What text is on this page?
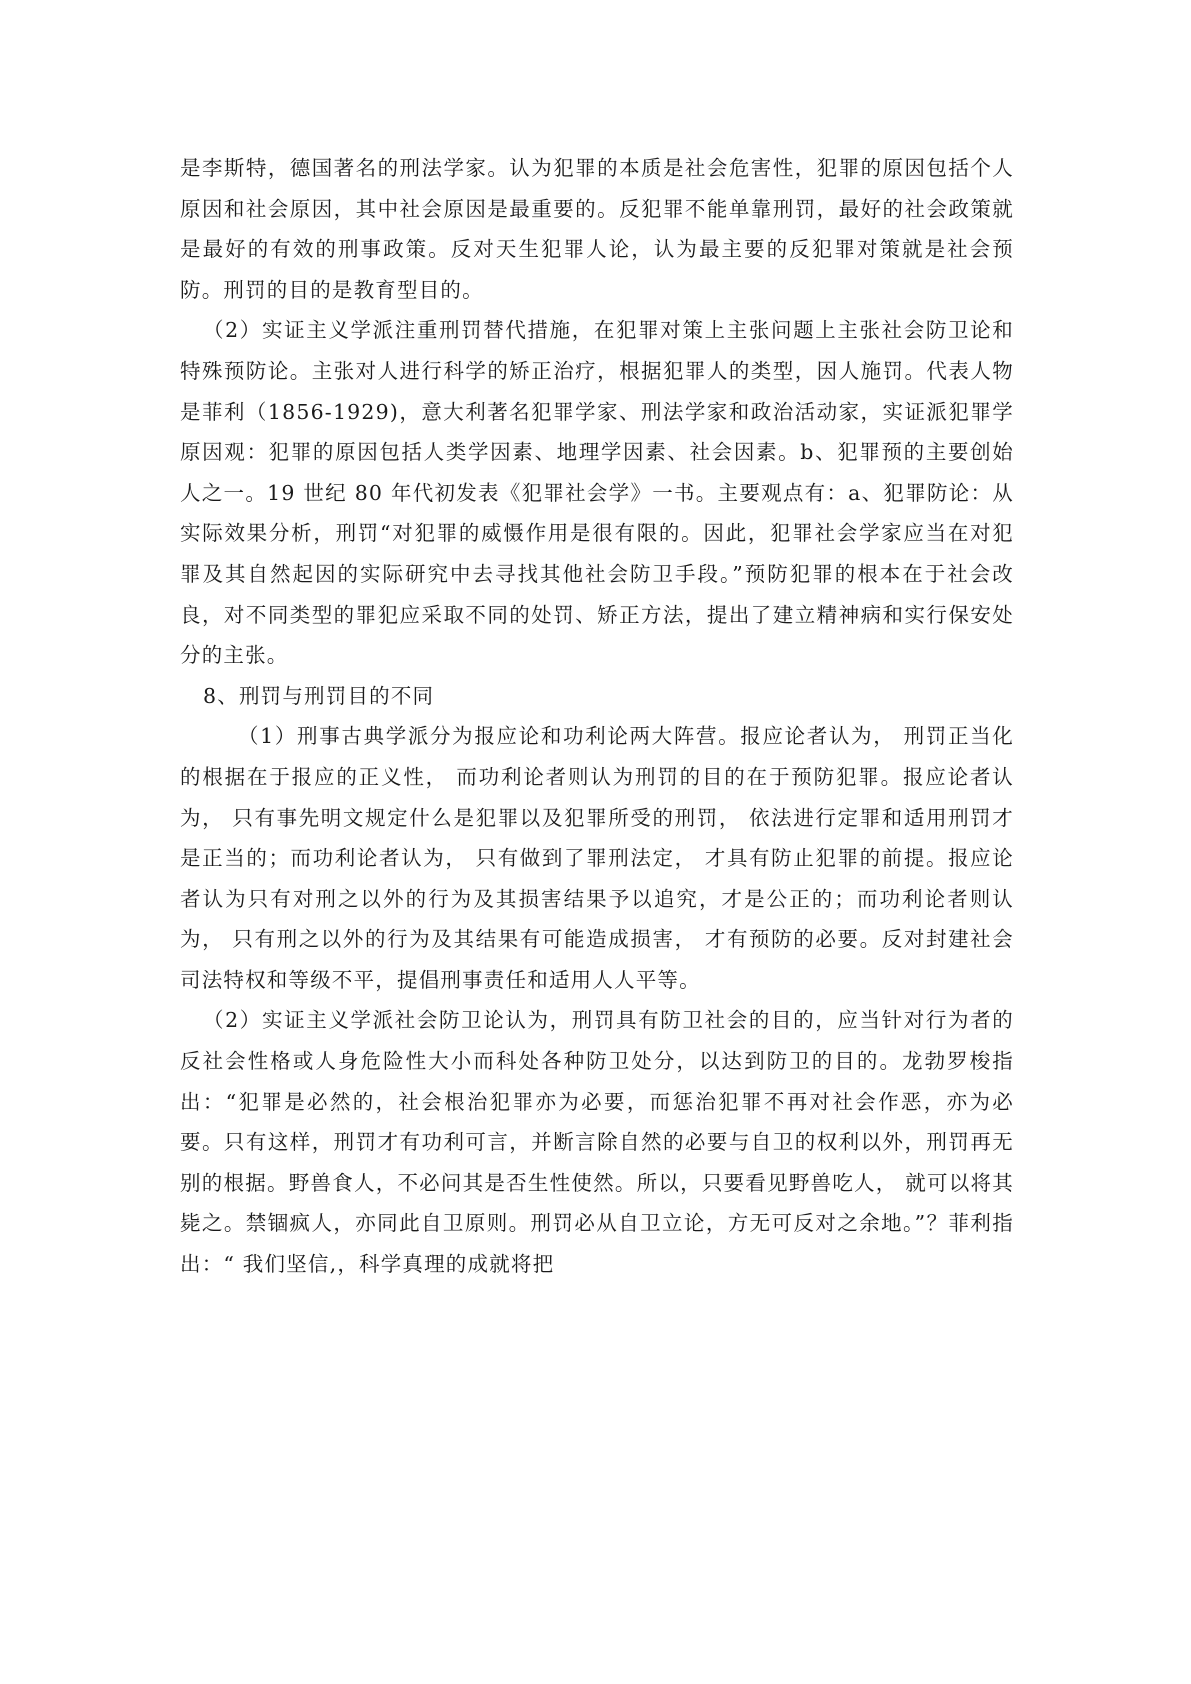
是李斯特，德国著名的刑法学家。认为犯罪的本质是社会危害性，犯罪的原因包括个人原因和社会原因，其中社会原因是最重要的。反犯罪不能单靠刑罚，最好的社会政策就是最好的有效的刑事政策。反对天生犯罪人论，认为最主要的反犯罪对策就是社会预防。刑罚的目的是教育型目的。

（2）实证主义学派注重刑罚替代措施，在犯罪对策上主张问题上主张社会防卫论和特殊预防论。主张对人进行科学的矫正治疗，根据犯罪人的类型，因人施罚。代表人物是菲利（1856-1929)，意大利著名犯罪学家、刑法学家和政治活动家，实证派犯罪学原因观：犯罪的原因包括人类学因素、地理学因素、社会因素。b、犯罪预的主要创始人之一。19 世纪 80 年代初发表《犯罪社会学》一书。主要观点有：a、犯罪防论：从实际效果分析，刑罚“对犯罪的威慑作用是很有限的。因此，犯罪社会学家应当在对犯罪及其自然起因的实际研究中去寻找其他社会防卫手段。”预防犯罪的根本在于社会改良，对不同类型的罪犯应采取不同的处罚、矫正方法，提出了建立精神病和实行保安处分的主张。

8、刑罚与刑罚目的不同

（1）刑事古典学派分为报应论和功利论两大阵营。报应论者认为， 刑罚正当化的根据在于报应的正义性， 而功利论者则认为刑罚的目的在于预防犯罪。报应论者认为， 只有事先明文规定什么是犯罪以及犯罪所受的刑罚， 依法进行定罪和适用刑罚才是正当的；而功利论者认为， 只有做到了罪刑法定， 才具有防止犯罪的前提。报应论者认为只有对刑之以外的行为及其损害结果予以追究，才是公正的；而功利论者则认为， 只有刑之以外的行为及其结果有可能造成损害， 才有预防的必要。反对封建社会司法特权和等级不平，提倡刑事责任和适用人人平等。

（2）实证主义学派社会防卫论认为，刑罚具有防卫社会的目的，应当针对行为者的反社会性格或人身危险性大小而科处各种防卫处分，以达到防卫的目的。龙勃罗梭指出：“犯罪是必然的，社会根治犯罪亦为必要，而惩治犯罪不再对社会作恶，亦为必要。只有这样，刑罚才有功利可言，并断言除自然的必要与自卫的权利以外，刑罚再无别的根据。野兽食人，不必问其是否生性使然。所以，只要看见野兽吃人， 就可以将其毙之。禁锢疯人，亦同此自卫原则。刑罚必从自卫立论，方无可反对之余地。”？菲利指出：“ 我们坚信,，科学真理的成就将把
